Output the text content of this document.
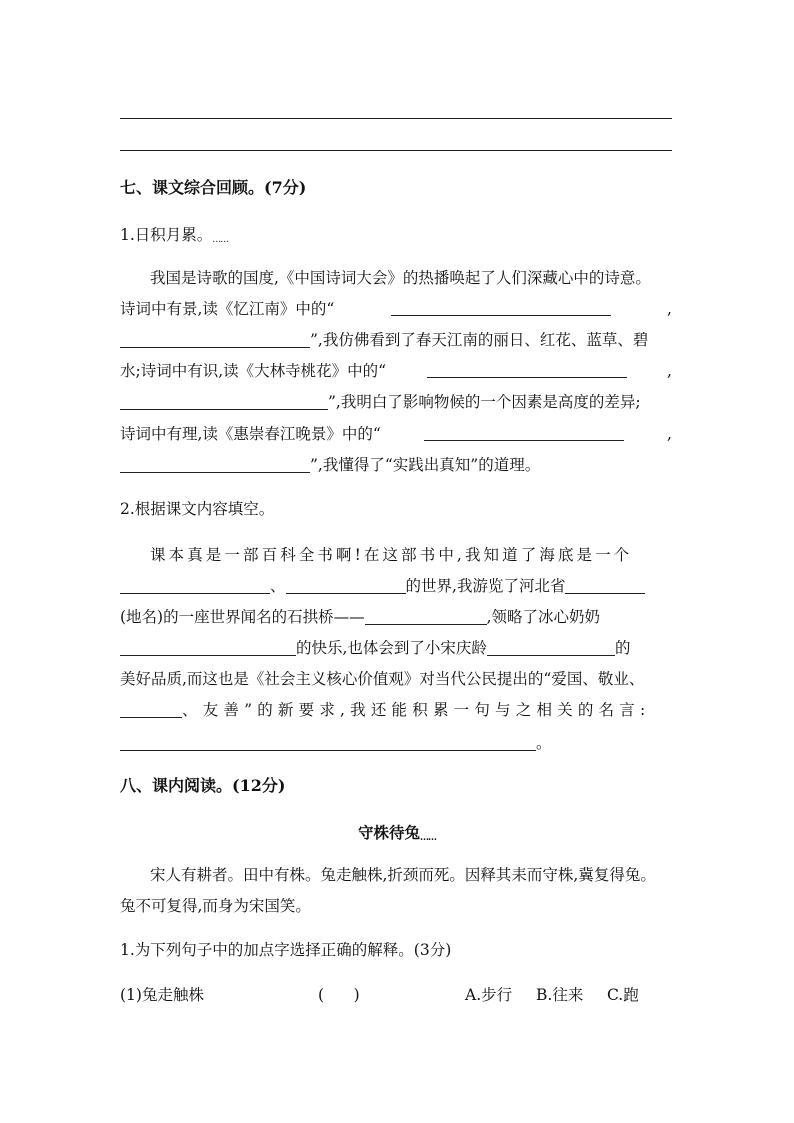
七、课文综合回顾。(7分)
1.日积月累。……
我国是诗歌的国度,《中国诗词大会》的热播唤起了人们深藏心中的诗意。
诗词中有景,读《忆江南》中的“	,
”,我仿佛看到了春天江南的丽日、红花、蓝草、碧
水;诗词中有识,读《大林寺桃花》中的“	,
”,我明白了影响物候的一个因素是高度的差异;
诗词中有理,读《惠崇春江晚景》中的“	,
”,我懂得了“实践出真知”的道理。
2.根据课文内容填空。
课本真是一部百科全书啊!在这部书中,我知道了海底是一个
、	的世界,我游览了河北省
(地名)的一座世界闻名的石拱桥——	,领略了冰心奶奶
的快乐,也体会到了小宋庆龄	的
美好品质,而这也是《社会主义核心价值观》对当代公民提出的“爱国、敬业、
、友善”的新要求,我还能积累一句与之相关的名言:
。
八、课内阅读。(12分)
守株待兔……
宋人有耕者。田中有株。兔走触株,折颈而死。因释其耒而守株,冀复得兔。
兔不可复得,而身为宋国笑。
1.为下列句子中的加点字选择正确的解释。(3分)
(1)兔走触株	(      )	A.步行 B.往来 C.跑
